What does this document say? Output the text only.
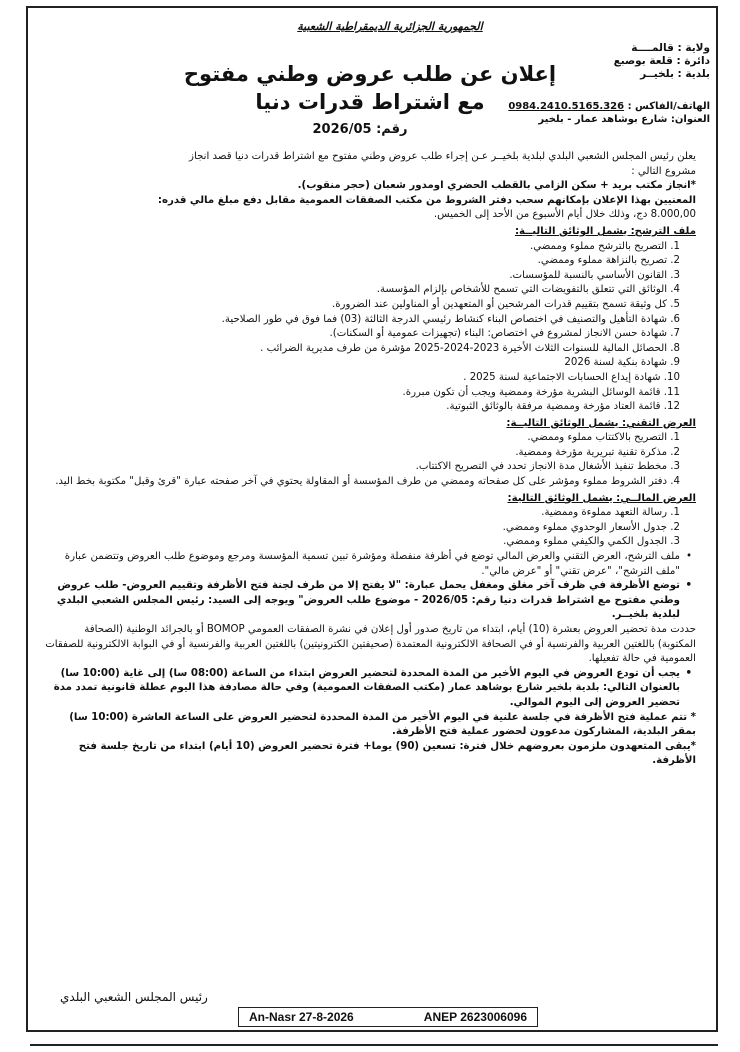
الجمهورية الجزائرية الديمقراطية الشعبية
ولاية : قالمــــة
دائرة : قلعة بوصبع
بلدية : بلخيــر
الهاتف/الفاكس : 0984.2410.5165.326
العنوان: شارع بوشاهد عمار - بلخير
إعلان عن طلب عروض وطني مفتوح
مع اشتراط قدرات دنيا
رقم: 2026/05

يعلن رئيس المجلس الشعبي البلدي لبلدية بلخيــر عـن إجراء طلب عروض وطني مفتوح مع اشتراط قدرات دنيا قصد انجاز

مشروع التالي :

*انجاز مكتب بريد + سكن الزامي بالقطب الحضري اومدور شعبان (حجر منقوب).

المعنيين بهذا الإعلان بإمكانهم سحب دفتر الشروط من مكتب الصفقات العمومية مقابل دفع مبلغ مالي قدره:

8.000,00 دج، وذلك خلال أيام الأسبوع من الأحد إلى الخميس.

ملف الترشح: يشمل الوثائق التاليــة:

1. التصريح بالترشح مملوء وممضي.

2. تصريح بالنزاهة مملوء وممضي.

3. القانون الأساسي بالنسبة للمؤسسات.

4. الوثائق التي تتعلق بالتفويضات التي تسمح للأشخاص بإلزام المؤسسة.

5. كل وثيقة تسمح بتقييم قدرات المرشحين أو المتعهدين أو المناولين عند الضرورة.

6. شهادة التأهيل والتصنيف في اختصاص البناء كنشاط رئيسي الدرجة الثالثة (03) فما فوق في طور الصلاحية.

7. شهادة حسن الانجاز لمشروع في اختصاص: البناء (تجهيزات عمومية أو السكنات).

8. الحصائل المالية للسنوات الثلاث الأخيرة 2023-2024-2025 مؤشرة من طرف مديرية الضرائب .

9. شهادة بنكية لسنة 2026

10. شهادة إيداع الحسابات الاجتماعية لسنة 2025 .

11. قائمة الوسائل البشرية مؤرخة وممضية ويجب أن تكون مبررة.

12. قائمة العتاد مؤرخة وممضية مرفقة بالوثائق الثبوتية.

العرض التقني: يشمل الوثائق التاليــة:

1. التصريح بالاكتتاب مملوء وممضي.

2. مذكرة تقنية تبريرية مؤرخة وممضية.

3. مخطط تنفيذ الأشغال مدة الانجاز تحدد في التصريح الاكتتاب.

4. دفتر الشروط مملوء ومؤشر على كل صفحاته وممضي من طرف المؤسسة أو المقاولة يحتوي في آخر صفحته عبارة "قرئ وقبل" مكتوبة بخط اليد.

العرض المالــي: يشمل الوثائق التالية:

1. رسالة التعهد مملوءة وممضية.

2. جدول الأسعار الوحدوي مملوء وممضي.

3. الجدول الكمي والكيفي مملوء وممضي.

• ملف الترشح، العرض التقني والعرض المالي توضع في أظرفة منفصلة ومؤشرة تبين تسمية المؤسسة ومرجع وموضوع طلب العروض وتتضمن عبارة "ملف الترشح"، "عرض تقني" أو "عرض مالي".

• توضع الأظرفة في ظرف آخر مغلق ومغفل يحمل عبارة: "لا يفتح إلا من طرف لجنة فتح الأظرفة وتقييم العروض- طلب عروض وطني مفتوح مع اشتراط قدرات دنيا رقم: 2026/05 - موضوع طلب العروض" ويوجه إلى السيد: رئيس المجلس الشعبي البلدي لبلدية بلخيــر.

حددت مدة تحضير العروض بعشرة (10) أيام، ابتداء من تاريخ صدور أول إعلان في نشرة الصفقات العمومي BOMOP أو بالجرائد الوطنية (الصحافة المكتوبة) باللغتين العربية والفرنسية أو في الصحافة الالكترونية المعتمدة (صحيفتين الكترونيتين) باللغتين العربية والفرنسية أو في البوابة الالكترونية للصفقات العمومية في حالة تفعيلها.

• يجب أن تودع العروض في اليوم الأخير من المدة المحددة لتحضير العروض ابتداء من الساعة (08:00 سا) إلى غاية (10:00 سا) بالعنوان التالي: بلدية بلخير شارع بوشاهد عمار (مكتب الصفقات العمومية) وفي حالة مصادفة هذا اليوم عطلة قانونية تمدد مدة تحضير العروض إلى اليوم الموالي.

* تتم عملية فتح الأظرفة في جلسة علنية في اليوم الأخير من المدة المحددة لتحضير العروض على الساعة العاشرة (10:00 سا) بمقر البلدية، المشاركون مدعوون لحضور عملية فتح الأظرفة.

*يبقى المتعهدون ملزمون بعروضهم خلال فترة: تسعين (90) يوما+ فترة تحضير العروض (10 أيام) ابتداء من تاريخ جلسة فتح الأظرفة.

رئيس المجلس الشعبي البلدي
An-Nasr 27-8-2026	ANEP 2623006096
